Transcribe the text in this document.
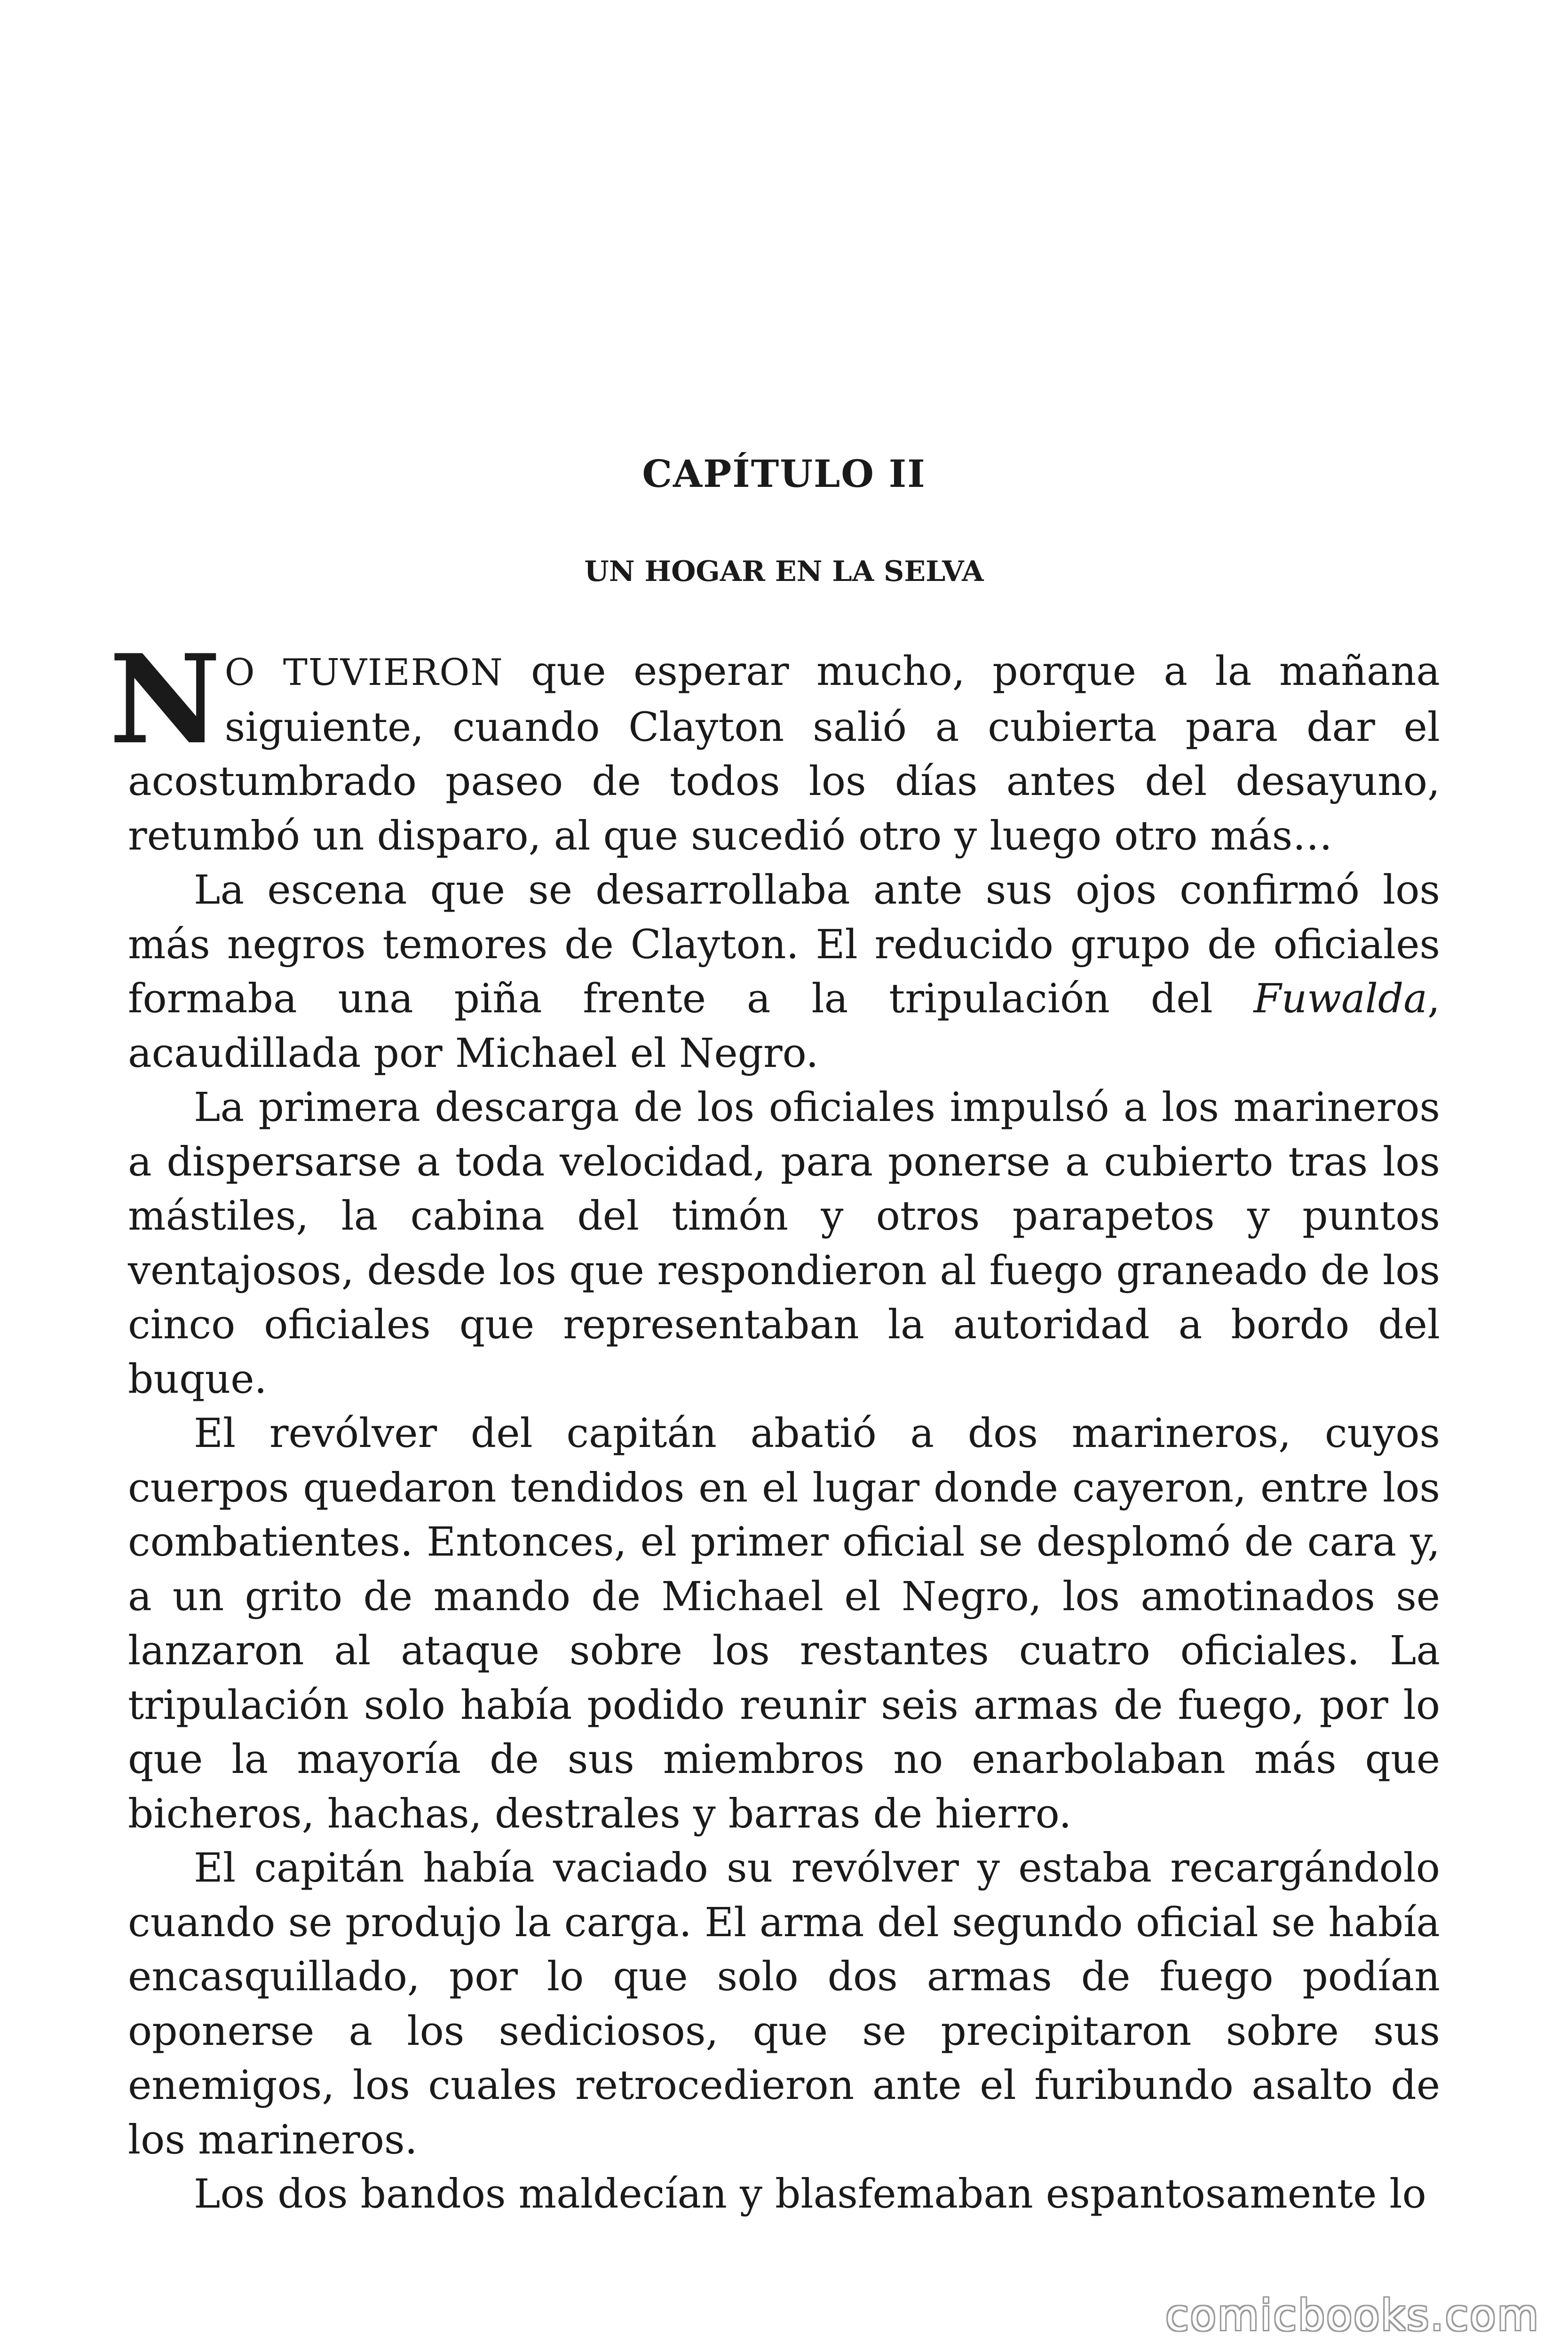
CAPÍTULO II
UN HOGAR EN LA SELVA

N O TUVIERON que esperar mucho, porque a la mañana siguiente, cuando Clayton salió a cubierta para dar el acostumbrado paseo de todos los días antes del desayuno, retumbó un disparo, al que sucedió otro y luego otro más…

La escena que se desarrollaba ante sus ojos confirmó los más negros temores de Clayton. El reducido grupo de oficiales formaba una piña frente a la tripulación del Fuwalda, acaudillada por Michael el Negro.

La primera descarga de los oficiales impulsó a los marineros a dispersarse a toda velocidad, para ponerse a cubierto tras los mástiles, la cabina del timón y otros parapetos y puntos ventajosos, desde los que respondieron al fuego graneado de los cinco oficiales que representaban la autoridad a bordo del buque.

El revólver del capitán abatió a dos marineros, cuyos cuerpos quedaron tendidos en el lugar donde cayeron, entre los combatientes. Entonces, el primer oficial se desplomó de cara y, a un grito de mando de Michael el Negro, los amotinados se lanzaron al ataque sobre los restantes cuatro oficiales. La tripulación solo había podido reunir seis armas de fuego, por lo que la mayoría de sus miembros no enarbolaban más que bicheros, hachas, destrales y barras de hierro.

El capitán había vaciado su revólver y estaba recargándolo cuando se produjo la carga. El arma del segundo oficial se había encasquillado, por lo que solo dos armas de fuego podían oponerse a los sediciosos, que se precipitaron sobre sus enemigos, los cuales retrocedieron ante el furibundo asalto de los marineros.

Los dos bandos maldecían y blasfemaban espantosamente lo

comicbooks.com
